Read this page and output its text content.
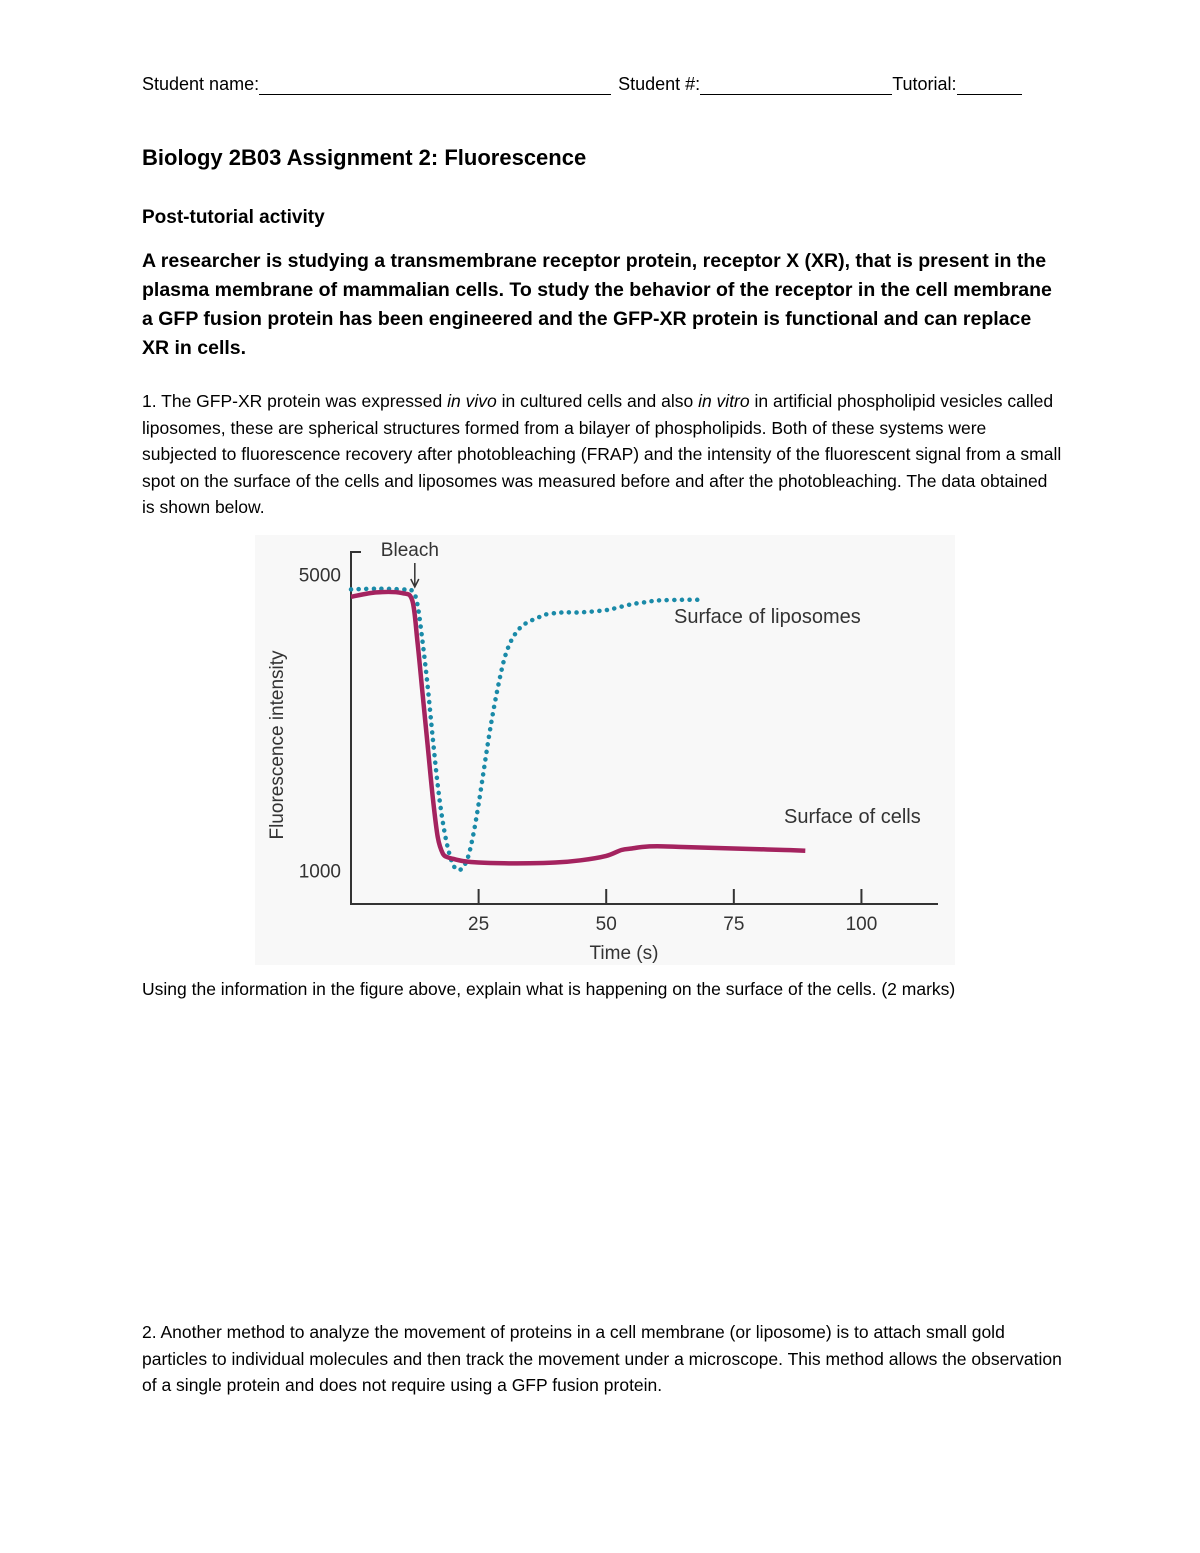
Student name:	Student #:	Tutorial:
Biology 2B03 Assignment 2: Fluorescence
Post-tutorial activity
A researcher is studying a transmembrane receptor protein, receptor X (XR), that is present in the plasma membrane of mammalian cells. To study the behavior of the receptor in the cell membrane a GFP fusion protein has been engineered and the GFP-XR protein is functional and can replace XR in cells.
1. The GFP-XR protein was expressed in vivo in cultured cells and also in vitro in artificial phospholipid vesicles called liposomes, these are spherical structures formed from a bilayer of phospholipids. Both of these systems were subjected to fluorescence recovery after photobleaching (FRAP) and the intensity of the fluorescent signal from a small spot on the surface of the cells and liposomes was measured before and after the photobleaching. The data obtained is shown below.
25	50	75	100
1000
5000
Surface of liposomes
Surface of cells
Bleach
Fluorescence intensity
Time (s)
Using the information in the figure above, explain what is happening on the surface of the cells. (2 marks)
2. Another method to analyze the movement of proteins in a cell membrane (or liposome) is to attach small gold particles to individual molecules and then track the movement under a microscope. This method allows the observation of a single protein and does not require using a GFP fusion protein.
